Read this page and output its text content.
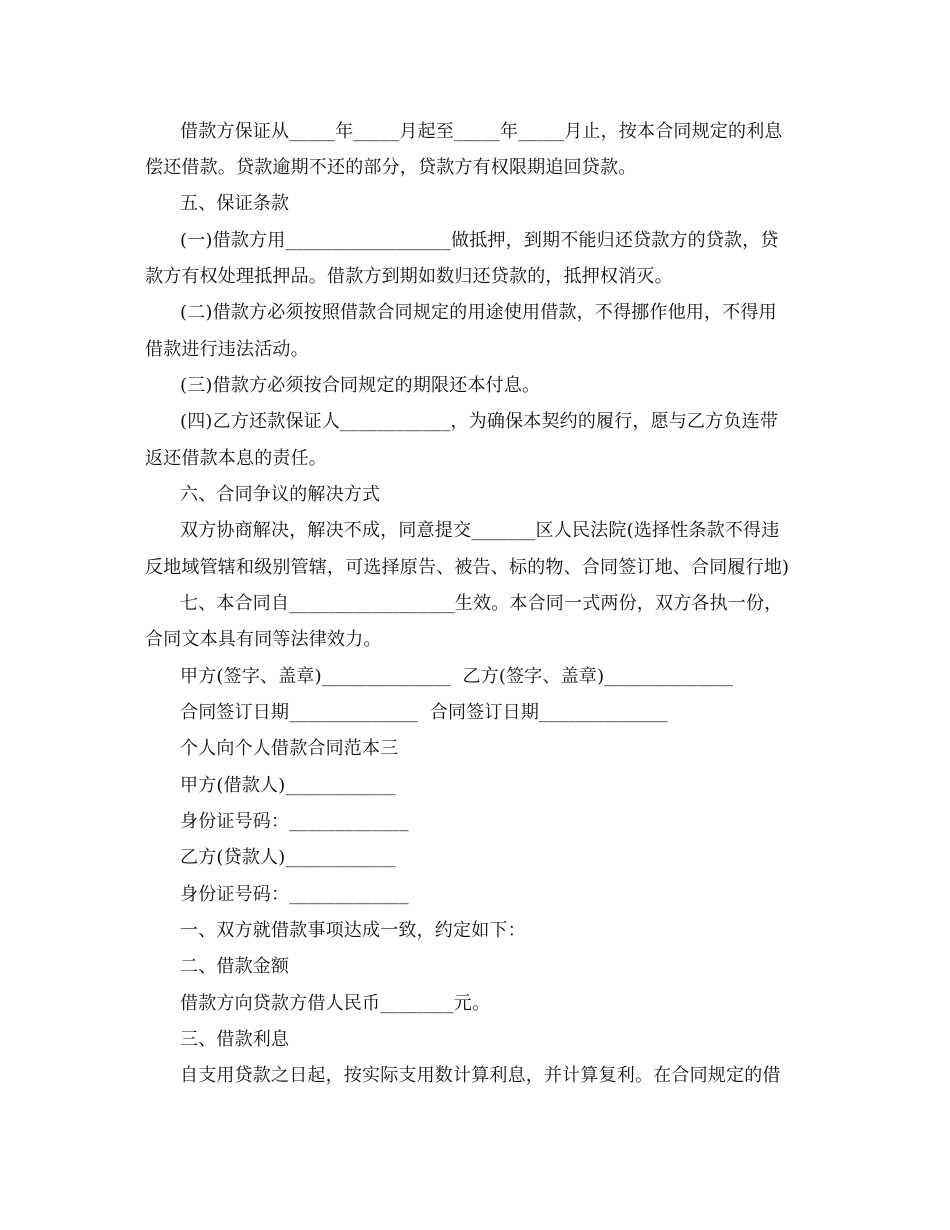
借款方保证从_____年_____月起至_____年_____月止，按本合同规定的利息
偿还借款。贷款逾期不还的部分，贷款方有权限期追回贷款。
五、保证条款
(一)借款方用__________________做抵押，到期不能归还贷款方的贷款，贷
款方有权处理抵押品。借款方到期如数归还贷款的，抵押权消灭。
(二)借款方必须按照借款合同规定的用途使用借款，不得挪作他用，不得用
借款进行违法活动。
(三)借款方必须按合同规定的期限还本付息。
(四)乙方还款保证人____________，为确保本契约的履行，愿与乙方负连带
返还借款本息的责任。
六、合同争议的解决方式
双方协商解决，解决不成，同意提交_______区人民法院(选择性条款不得违
反地域管辖和级别管辖，可选择原告、被告、标的物、合同签订地、合同履行地)
七、本合同自__________________生效。本合同一式两份，双方各执一份，
合同文本具有同等法律效力。
甲方(签字、盖章)______________  乙方(签字、盖章)______________
合同签订日期______________  合同签订日期______________
个人向个人借款合同范本三
甲方(借款人)____________
身份证号码：_____________
乙方(贷款人)____________
身份证号码：_____________
一、双方就借款事项达成一致，约定如下：
二、借款金额
借款方向贷款方借人民币________元。
三、借款利息
自支用贷款之日起，按实际支用数计算利息，并计算复利。在合同规定的借
